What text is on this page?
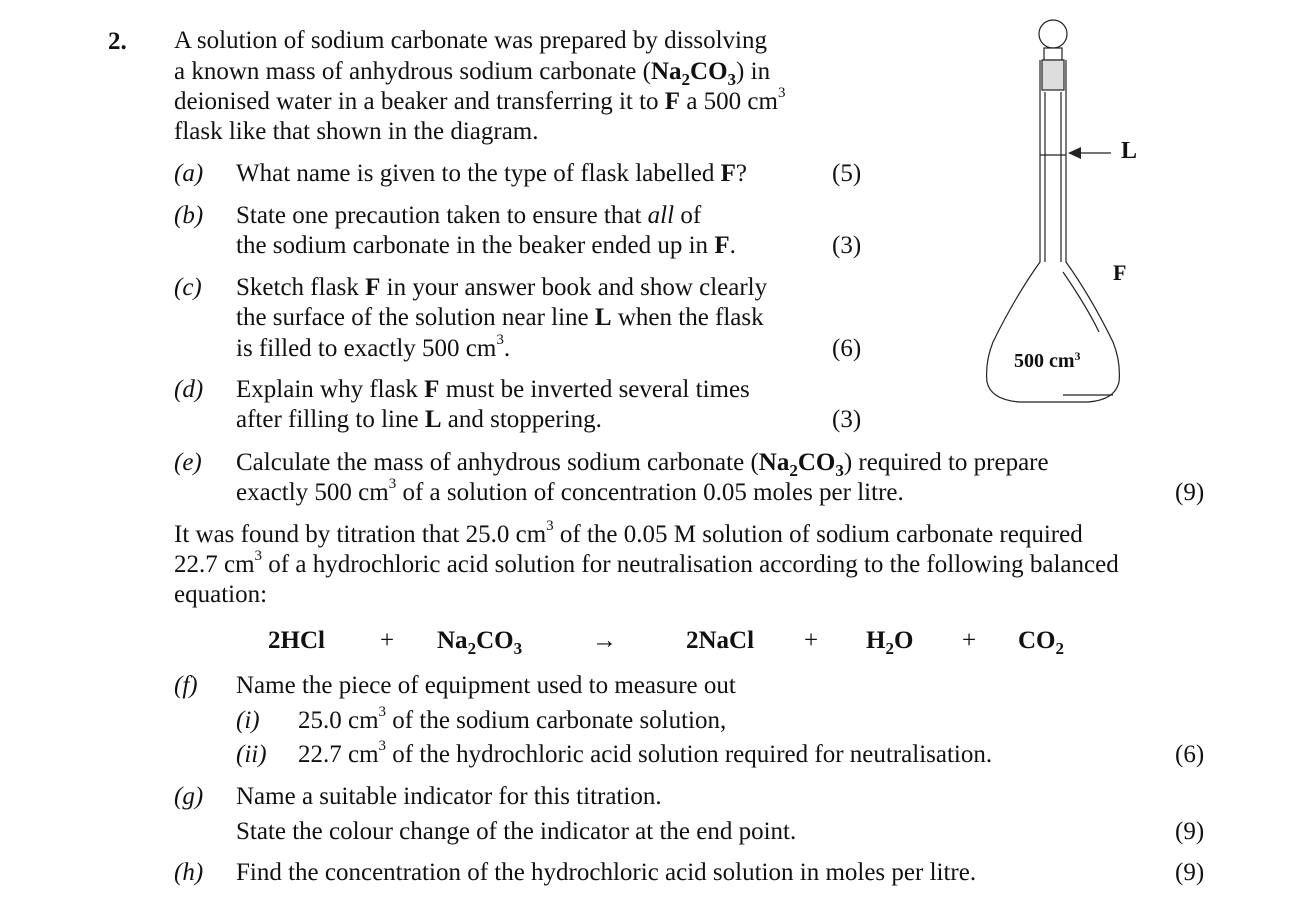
2. A solution of sodium carbonate was prepared by dissolving
a known mass of anhydrous sodium carbonate $(Na_2CO_3)$ in
deionised water in a beaker and transferring it to F a 500 $cm^3$
flask like that shown in the diagram.
(a) What name is given to the type of flask labelled F?	(5)
(b) State one precaution taken to ensure that all of
the sodium carbonate in the beaker ended up in F.	(3)
(c) Sketch flask F in your answer book and show clearly
the surface of the solution near line L when the flask
is filled to exactly 500 $cm^3$.	(6)
(d) Explain why flask F must be inverted several times
after filling to line L and stoppering.	(3)
(e) Calculate the mass of anhydrous sodium carbonate $(Na_2CO_3)$ required to prepare
exactly 500 $cm^3$ of a solution of concentration 0.05 moles per litre.	(9)
It was found by titration that 25.0 $cm^3$ of the 0.05 M solution of sodium carbonate required
22.7 $cm^3$ of a hydrochloric acid solution for neutralisation according to the following balanced
equation:
$2HCl + Na_2CO_3$	→	2NaCl + $H_2O + CO_2$
(f) Name the piece of equipment used to measure out
(i) 25.0 $cm^3$ of the sodium carbonate solution,
(ii) 22.7 $cm^3$ of the hydrochloric acid solution required for neutralisation.	(6)
(g) Name a suitable indicator for this titration.
State the colour change of the indicator at the end point.	(9)
(h) Find the concentration of the hydrochloric acid solution in moles per litre.	(9)
L
F
500 $cm^3$
